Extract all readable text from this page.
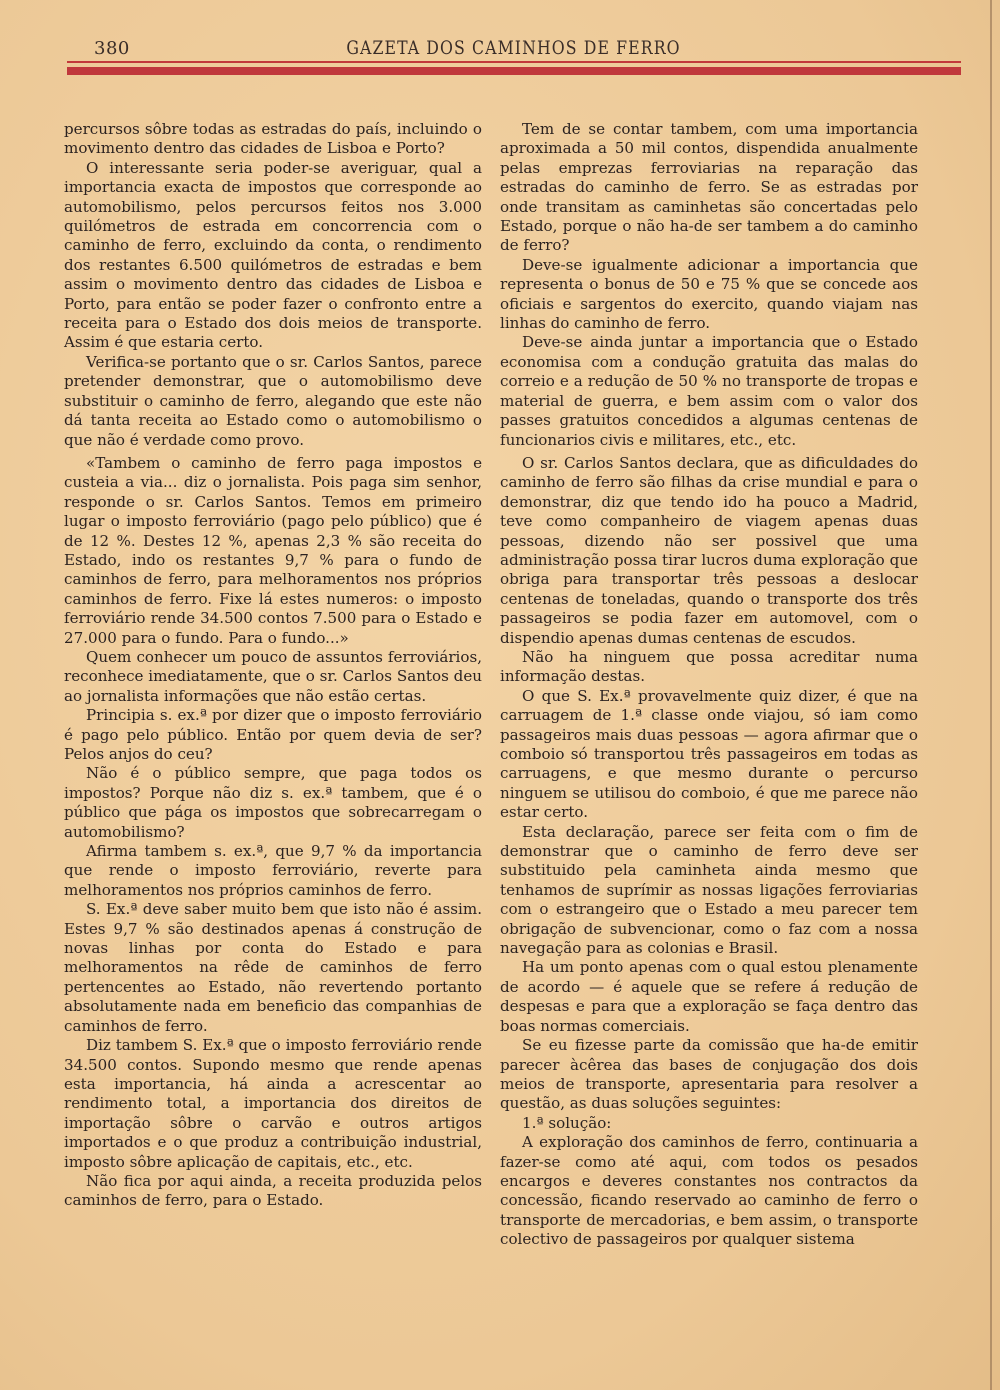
380	GAZETA DOS CAMINHOS DE FERRO

percursos sôbre todas as estradas do país, incluindo o movimento dentro das cidades de Lisboa e Porto?

O interessante seria poder-se averiguar, qual a importancia exacta de impostos que corresponde ao automobilismo, pelos percursos feitos nos 3.000 quilómetros de estrada em concorrencia com o caminho de ferro, excluindo da conta, o rendimento dos restantes 6.500 quilómetros de estradas e bem assim o movimento dentro das cidades de Lisboa e Porto, para então se poder fazer o confronto entre a receita para o Estado dos dois meios de transporte. Assim é que estaria certo.

Verifica-se portanto que o sr. Carlos Santos, parece pretender demonstrar, que o automobilismo deve substituir o caminho de ferro, alegando que este não dá tanta receita ao Estado como o automobilismo o que não é verdade como provo.

«Tambem o caminho de ferro paga impostos e custeia a via... diz o jornalista. Pois paga sim senhor, responde o sr. Carlos Santos. Temos em primeiro lugar o imposto ferroviário (pago pelo público) que é de 12 %. Destes 12 %, apenas 2,3 % são receita do Estado, indo os restantes 9,7 % para o fundo de caminhos de ferro, para melhoramentos nos próprios caminhos de ferro. Fixe lá estes numeros: o imposto ferroviário rende 34.500 contos 7.500 para o Estado e 27.000 para o fundo. Para o fundo...»

Quem conhecer um pouco de assuntos ferroviários, reconhece imediatamente, que o sr. Carlos Santos deu ao jornalista informações que não estão certas.

Principia s. ex.ª por dizer que o imposto ferroviário é pago pelo público. Então por quem devia de ser? Pelos anjos do ceu?

Não é o público sempre, que paga todos os impostos? Porque não diz s. ex.ª tambem, que é o público que pága os impostos que sobrecarregam o automobilismo?

Afirma tambem s. ex.ª, que 9,7 % da importancia que rende o imposto ferroviário, reverte para melhoramentos nos próprios caminhos de ferro.

S. Ex.ª deve saber muito bem que isto não é assim. Estes 9,7 % são destinados apenas á construção de novas linhas por conta do Estado e para melhoramentos na rêde de caminhos de ferro pertencentes ao Estado, não revertendo portanto absolutamente nada em beneficio das companhias de caminhos de ferro.

Diz tambem S. Ex.ª que o imposto ferroviário rende 34.500 contos. Supondo mesmo que rende apenas esta importancia, há ainda a acrescentar ao rendimento total, a importancia dos direitos de importação sôbre o carvão e outros artigos importados e o que produz a contribuição industrial, imposto sôbre aplicação de capitais, etc., etc.

Não fica por aqui ainda, a receita produzida pelos caminhos de ferro, para o Estado.

Tem de se contar tambem, com uma importancia aproximada a 50 mil contos, dispendida anualmente pelas emprezas ferroviarias na reparação das estradas do caminho de ferro. Se as estradas por onde transitam as caminhetas são concertadas pelo Estado, porque o não ha-de ser tambem a do caminho de ferro?

Deve-se igualmente adicionar a importancia que representa o bonus de 50 e 75 % que se concede aos oficiais e sargentos do exercito, quando viajam nas linhas do caminho de ferro.

Deve-se ainda juntar a importancia que o Estado economisa com a condução gratuita das malas do correio e a redução de 50 % no transporte de tropas e material de guerra, e bem assim com o valor dos passes gratuitos concedidos a algumas centenas de funcionarios civis e militares, etc., etc.

O sr. Carlos Santos declara, que as dificuldades do caminho de ferro são filhas da crise mundial e para o demonstrar, diz que tendo ido ha pouco a Madrid, teve como companheiro de viagem apenas duas pessoas, dizendo não ser possivel que uma administração possa tirar lucros duma exploração que obriga para transportar três pessoas a deslocar centenas de toneladas, quando o transporte dos três passageiros se podia fazer em automovel, com o dispendio apenas dumas centenas de escudos.

Não ha ninguem que possa acreditar numa informação destas.

O que S. Ex.ª provavelmente quiz dizer, é que na carruagem de 1.ª classe onde viajou, só iam como passageiros mais duas pessoas — agora afirmar que o comboio só transportou três passageiros em todas as carruagens, e que mesmo durante o percurso ninguem se utilisou do comboio, é que me parece não estar certo.

Esta declaração, parece ser feita com o fim de demonstrar que o caminho de ferro deve ser substituido pela caminheta ainda mesmo que tenhamos de suprímir as nossas ligações ferroviarias com o estrangeiro que o Estado a meu parecer tem obrigação de subvencionar, como o faz com a nossa navegação para as colonias e Brasil.

Ha um ponto apenas com o qual estou plenamente de acordo — é aquele que se refere á redução de despesas e para que a exploração se faça dentro das boas normas comerciais.

Se eu fizesse parte da comissão que ha-de emitir parecer àcêrea das bases de conjugação dos dois meios de transporte, apresentaria para resolver a questão, as duas soluções seguintes:

1.ª solução:

A exploração dos caminhos de ferro, continuaria a fazer-se como até aqui, com todos os pesados encargos e deveres constantes nos contractos da concessão, ficando reservado ao caminho de ferro o transporte de mercadorias, e bem assim, o transporte colectivo de passageiros por qualquer sistema
